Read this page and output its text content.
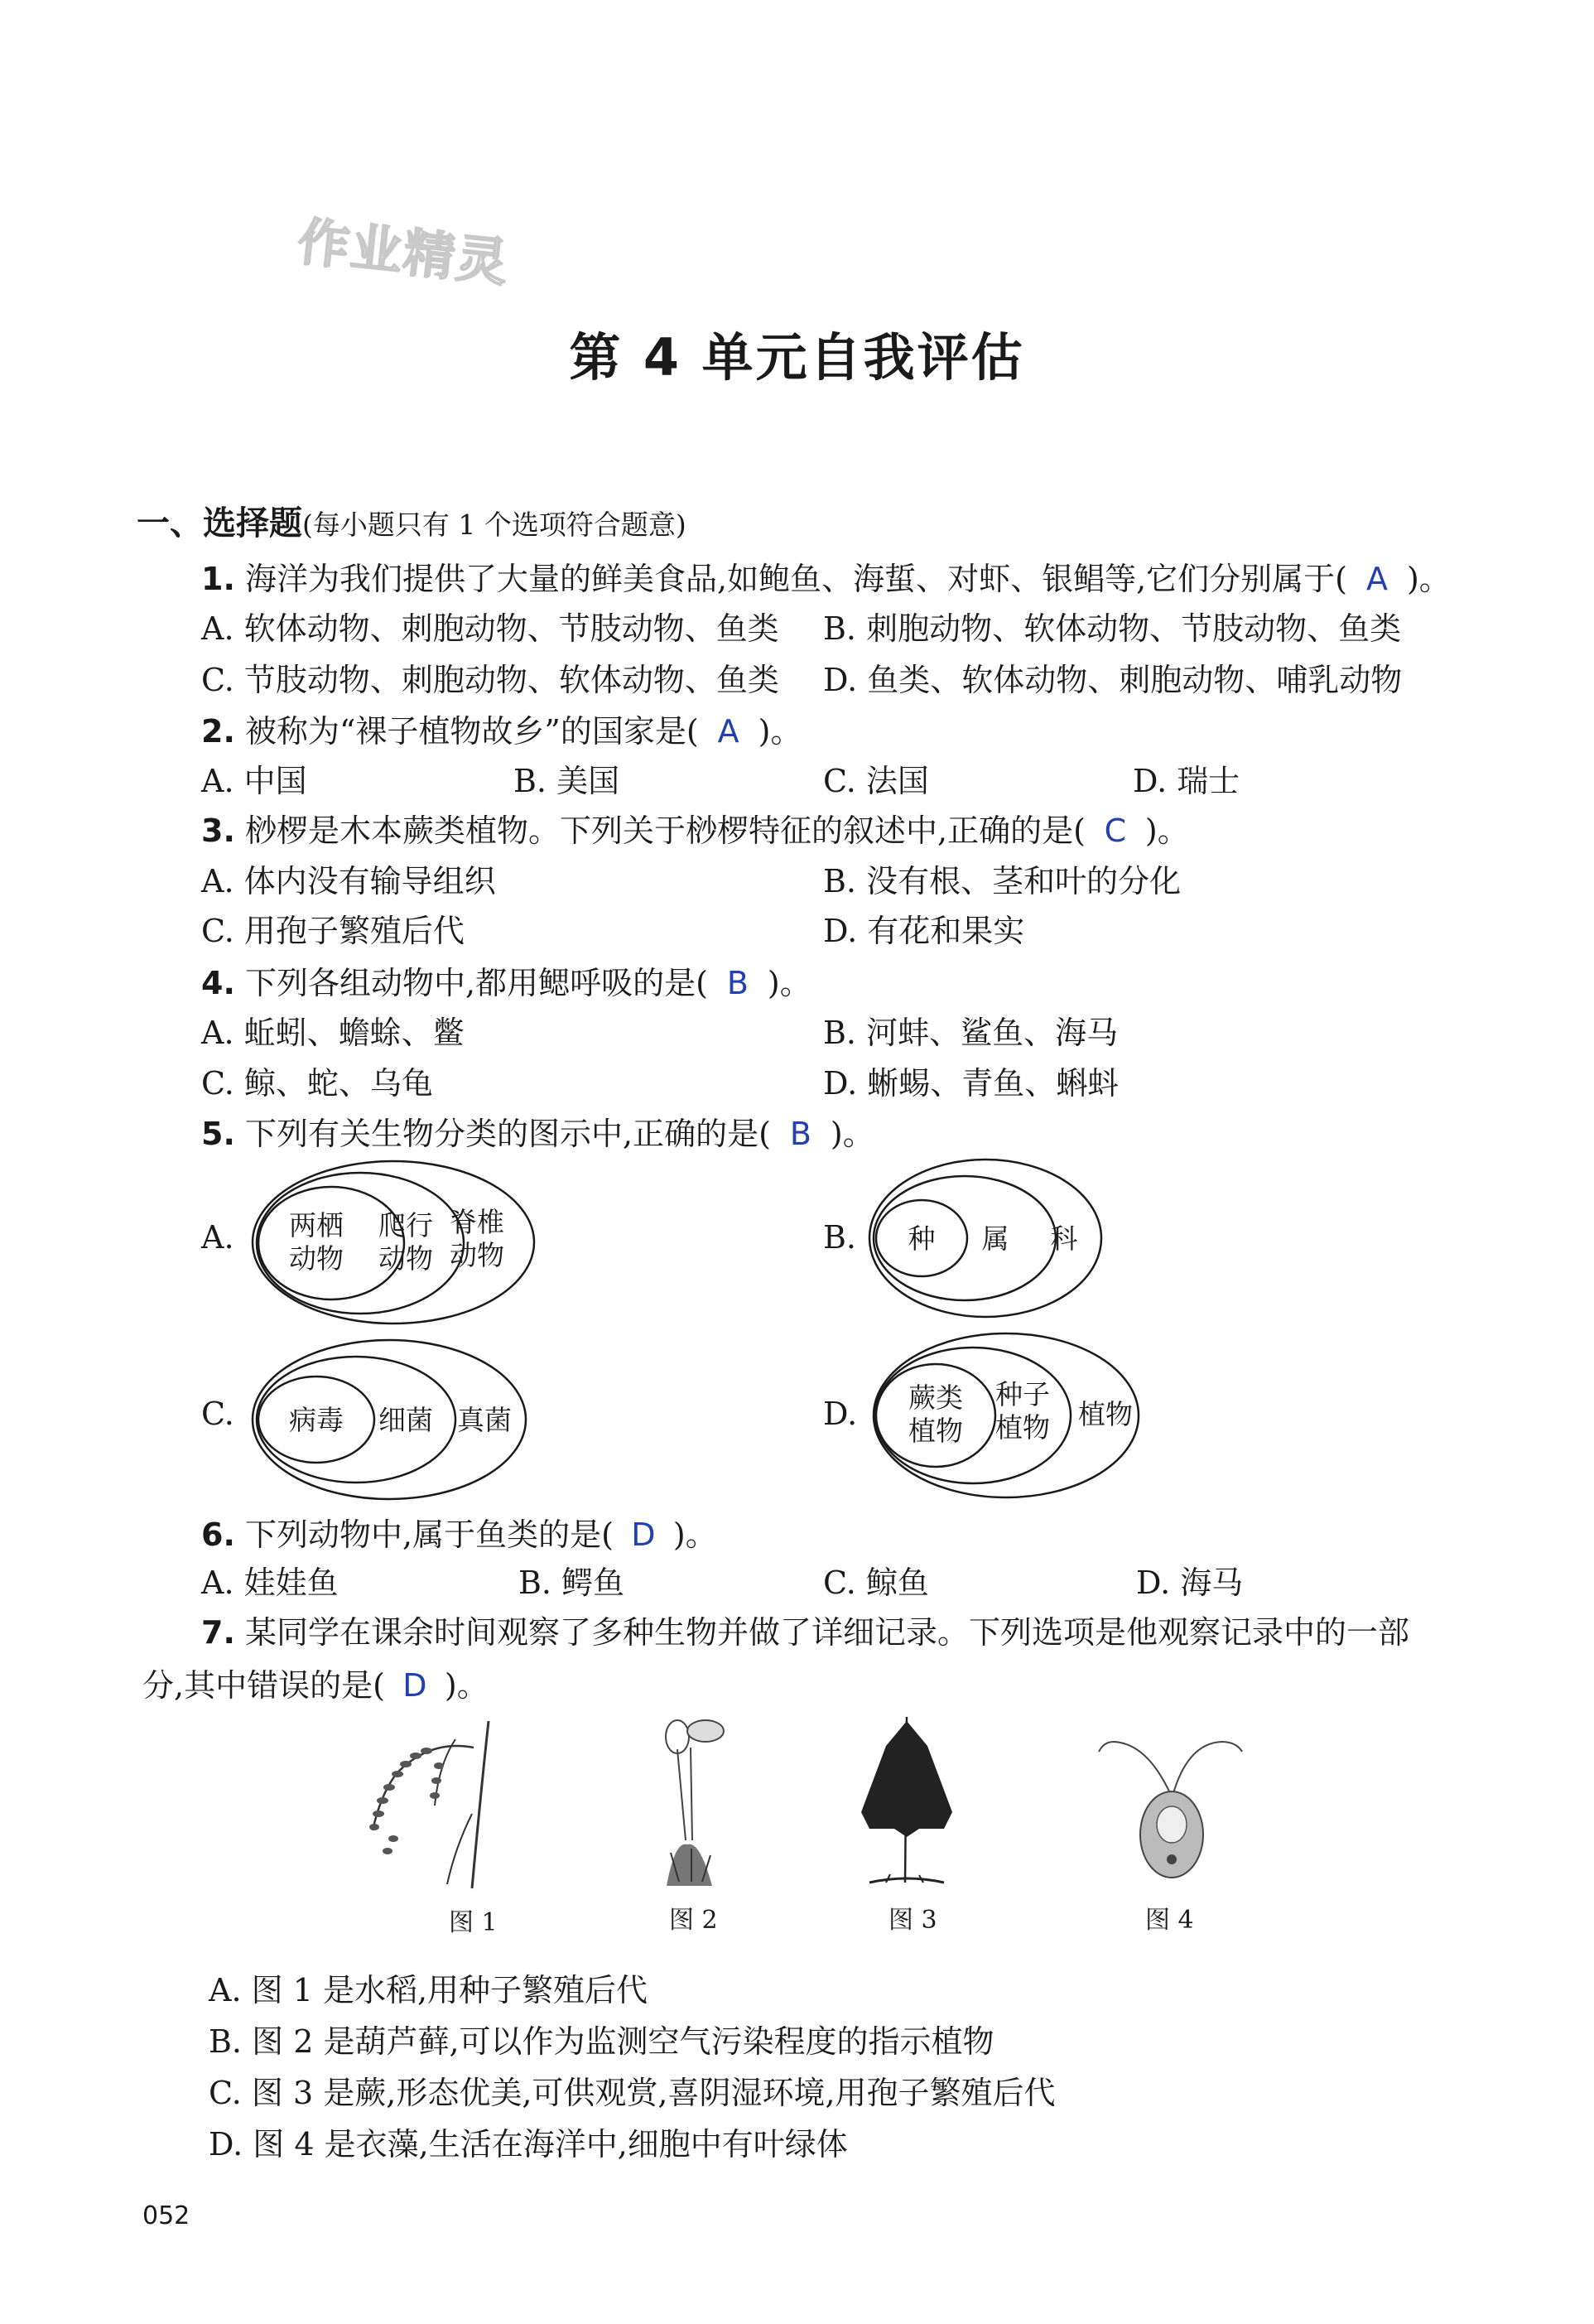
作业精灵
第 4 单元自我评估
一、选择题(每小题只有 1 个选项符合题意)
1. 海洋为我们提供了大量的鲜美食品,如鲍鱼、海蜇、对虾、银鲳等,它们分别属于( A )。
A. 软体动物、刺胞动物、节肢动物、鱼类 B. 刺胞动物、软体动物、节肢动物、鱼类
C. 节肢动物、刺胞动物、软体动物、鱼类 D. 鱼类、软体动物、刺胞动物、哺乳动物
2. 被称为“裸子植物故乡”的国家是( A )。
A. 中国	B. 美国	C. 法国	D. 瑞士
3. 桫椤是木本蕨类植物。下列关于桫椤特征的叙述中,正确的是( C )。
A. 体内没有输导组织	B. 没有根、茎和叶的分化
C. 用孢子繁殖后代	D. 有花和果实
4. 下列各组动物中,都用鳃呼吸的是( B )。
A. 蚯蚓、蟾蜍、鳖	B. 河蚌、鲨鱼、海马
C. 鲸、蛇、乌龟	D. 蜥蜴、青鱼、蝌蚪
5. 下列有关生物分类的图示中,正确的是( B )。
A. 两栖
动物
爬行
动物
脊椎
动物	B. 种 属 科
C. 病毒 细菌 真菌	D. 蕨类
植物
种子
植物 植物
6. 下列动物中,属于鱼类的是( D )。
A. 娃娃鱼	B. 鳄鱼	C. 鲸鱼	D. 海马
7. 某同学在课余时间观察了多种生物并做了详细记录。下列选项是他观察记录中的一部
分,其中错误的是( D )。
图 1	图 2	图 3	图 4
A. 图 1 是水稻,用种子繁殖后代
B. 图 2 是葫芦藓,可以作为监测空气污染程度的指示植物
C. 图 3 是蕨,形态优美,可供观赏,喜阴湿环境,用孢子繁殖后代
D. 图 4 是衣藻,生活在海洋中,细胞中有叶绿体
052
